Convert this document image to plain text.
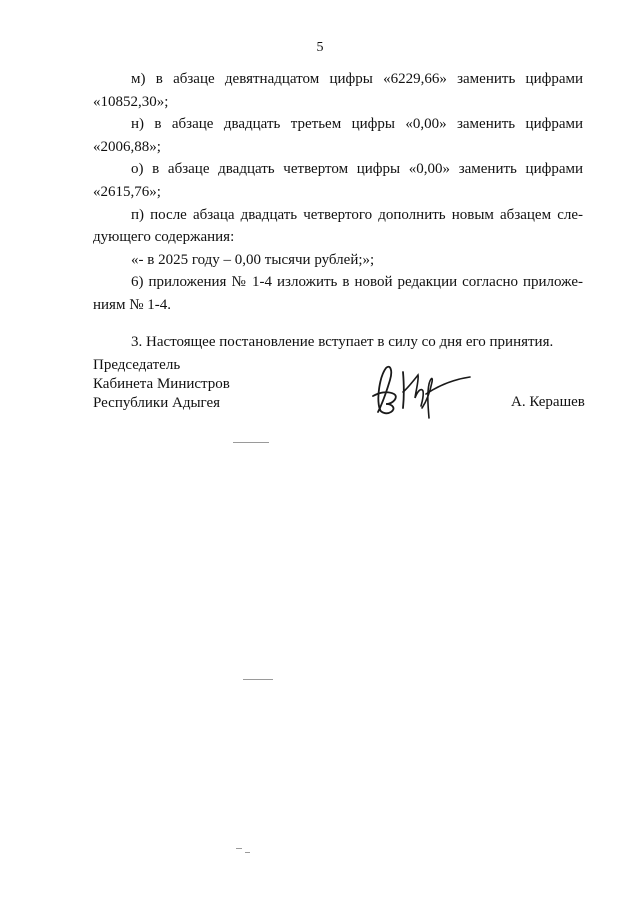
5
м) в абзаце девятнадцатом цифры «6229,66» заменить цифрами
«10852,30»;
н) в абзаце двадцать третьем цифры «0,00» заменить цифрами
«2006,88»;
о) в абзаце двадцать четвертом цифры «0,00» заменить цифрами
«2615,76»;
п) после абзаца двадцать четвертого дополнить новым абзацем сле-
дующего содержания:
«- в 2025 году – 0,00 тысячи рублей;»;
6) приложения № 1-4 изложить в новой редакции согласно приложе-
ниям № 1-4.
3. Настоящее постановление вступает в силу со дня его принятия.
Председатель
Кабинета Министров
Республики Адыгея	А. Керашев
